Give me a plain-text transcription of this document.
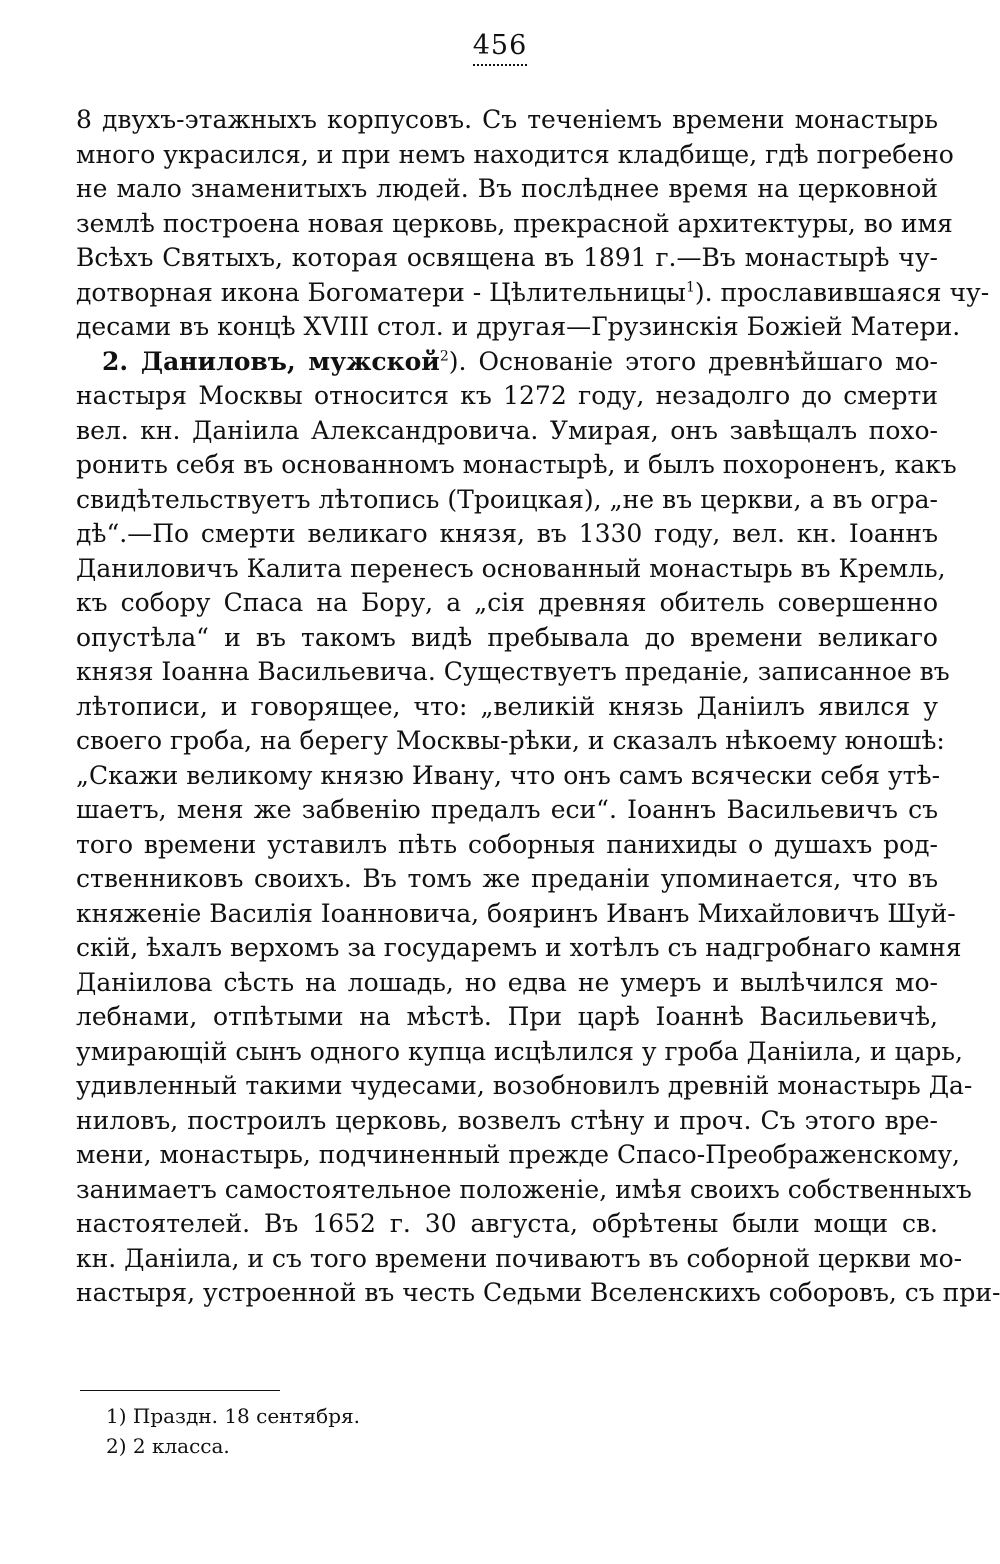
456
8 двухъ-этажныхъ корпусовъ. Съ теченіемъ времени монастырь
много украсился, и при немъ находится кладбище, гдѣ погребено
не мало знаменитыхъ людей. Въ послѣднее время на церковной
землѣ построена новая церковь, прекрасной архитектуры, во имя
Всѣхъ Святыхъ, которая освящена въ 1891 г.—Въ монастырѣ чу-
дотворная икона Богоматери - Цѣлительницы$^1$). прославившаяся чу-
десами въ концѣ XVIII стол. и другая—Грузинскія Божіей Матери.
2. Даниловъ, мужской$^2$). Основаніе этого древнѣйшаго мо-
настыря Москвы относится къ 1272 году, незадолго до смерти
вел. кн. Даніила Александровича. Умирая, онъ завѣщалъ похо-
ронить себя въ основанномъ монастырѣ, и былъ похороненъ, какъ
свидѣтельствуетъ лѣтопись (Троицкая), „не въ церкви, а въ огра-
дѣ“.—По смерти великаго князя, въ 1330 году, вел. кн. Іоаннъ
Даниловичъ Калита перенесъ основанный монастырь въ Кремль,
къ собору Спаса на Бору, а „сія древняя обитель совершенно
опустѣла“ и въ такомъ видѣ пребывала до времени великаго
князя Іоанна Васильевича. Существуетъ преданіе, записанное въ
лѣтописи, и говорящее, что: „великій князь Даніилъ явился у
своего гроба, на берегу Москвы-рѣки, и сказалъ нѣкоему юношѣ:
„Скажи великому князю Ивану, что онъ самъ всячески себя утѣ-
шаетъ, меня же забвенію предалъ еси“. Іоаннъ Васильевичъ съ
того времени уставилъ пѣть соборныя панихиды о душахъ род-
ственниковъ своихъ. Въ томъ же преданіи упоминается, что въ
княженіе Василія Іоанновича, бояринъ Иванъ Михайловичъ Шуй-
скій, ѣхалъ верхомъ за государемъ и хотѣлъ съ надгробнаго камня
Даніилова сѣсть на лошадь, но едва не умеръ и вылѣчился мо-
лебнами, отпѣтыми на мѣстѣ. При царѣ Іоаннѣ Васильевичѣ,
умирающій сынъ одного купца исцѣлился у гроба Даніила, и царь,
удивленный такими чудесами, возобновилъ древній монастырь Да-
ниловъ, построилъ церковь, возвелъ стѣну и проч. Съ этого вре-
мени, монастырь, подчиненный прежде Спасо-Преображенскому,
занимаетъ самостоятельное положеніе, имѣя своихъ собственныхъ
настоятелей. Въ 1652 г. 30 августа, обрѣтены были мощи св.
кн. Даніила, и съ того времени почиваютъ въ соборной церкви мо-
настыря, устроенной въ честь Седьми Вселенскихъ соборовъ, съ при-
1) Праздн. 18 сентября.
2) 2 класса.
